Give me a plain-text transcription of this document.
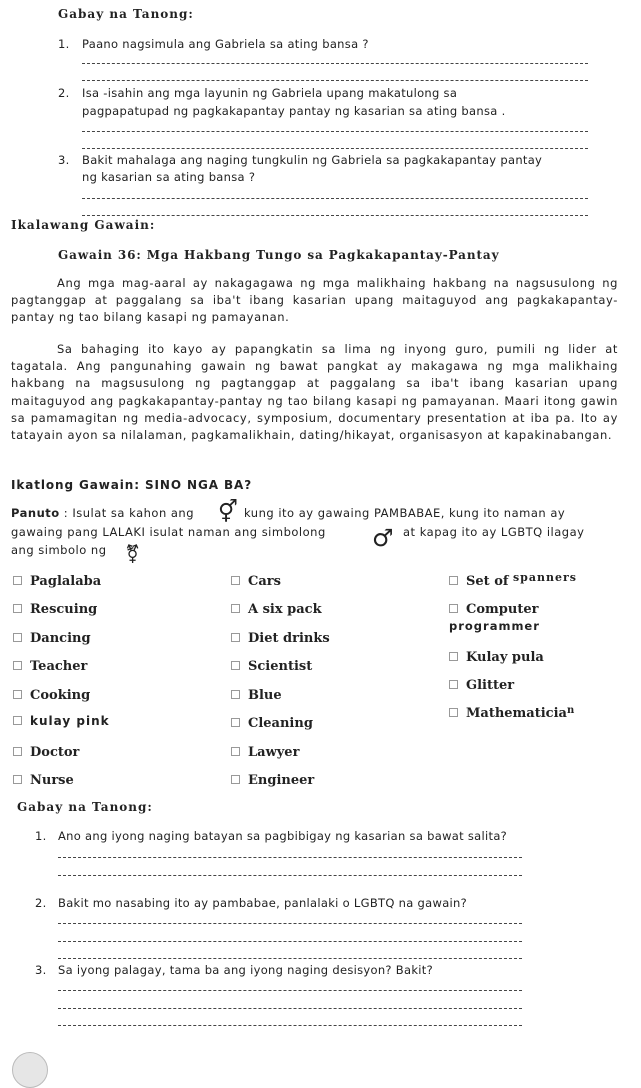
Gabay na Tanong:
1. Paano nagsimula ang Gabriela sa ating bansa ?
2. Isa -isahin ang mga layunin ng Gabriela upang makatulong sa
pagpapatupad ng pagkakapantay pantay ng kasarian sa ating bansa .
3. Bakit mahalaga ang naging tungkulin ng Gabriela sa pagkakapantay pantay
ng kasarian sa ating bansa ?
Ikalawang Gawain:
Gawain 36: Mga Hakbang Tungo sa Pagkakapantay-Pantay
Ang mga mag-aaral ay nakagagawa ng mga malikhaing hakbang na nagsusulong ng pagtanggap at paggalang sa iba't ibang kasarian upang maitaguyod ang pagkakapantay-pantay ng tao bilang kasapi ng pamayanan.
Sa bahaging ito kayo ay papangkatin sa lima ng inyong guro, pumili ng lider at tagatala. Ang pangunahing gawain ng bawat pangkat ay makagawa ng mga malikhaing hakbang na magsusulong ng pagtanggap at paggalang sa iba't ibang kasarian upang maitaguyod ang pagkakapantay-pantay ng tao bilang kasapi ng pamayanan. Maari itong gawin sa pamamagitan ng media-advocacy, symposium, documentary presentation at iba pa. Ito ay tatayain ayon sa nilalaman, pagkamalikhain, dating/hikayat, organisasyon at kapakinabangan.
Ikatlong Gawain: SINO NGA BA?
Panuto : Isulat sa kahon ang ⚥ kung ito ay gawaing PAMBABAE, kung ito naman ay
gawaing pang LALAKI isulat naman ang simbolong ♂ at kapag ito ay LGBTQ ilagay
ang simbolo ng ⚧
Paglalaba
Rescuing
Dancing
Teacher
Cooking
kulay pink
Doctor
Nurse
Cars
A six pack
Diet drinks
Scientist
Blue
Cleaning
Lawyer
Engineer
Set of $^{spanners}$
Computer
programmer
Kulay pula
Glitter
Mathematicia$^n$
Gabay na Tanong:
1. Ano ang iyong naging batayan sa pagbibigay ng kasarian sa bawat salita?
2. Bakit mo nasabing ito ay pambabae, panlalaki o LGBTQ na gawain?
3. Sa iyong palagay, tama ba ang iyong naging desisyon? Bakit?
